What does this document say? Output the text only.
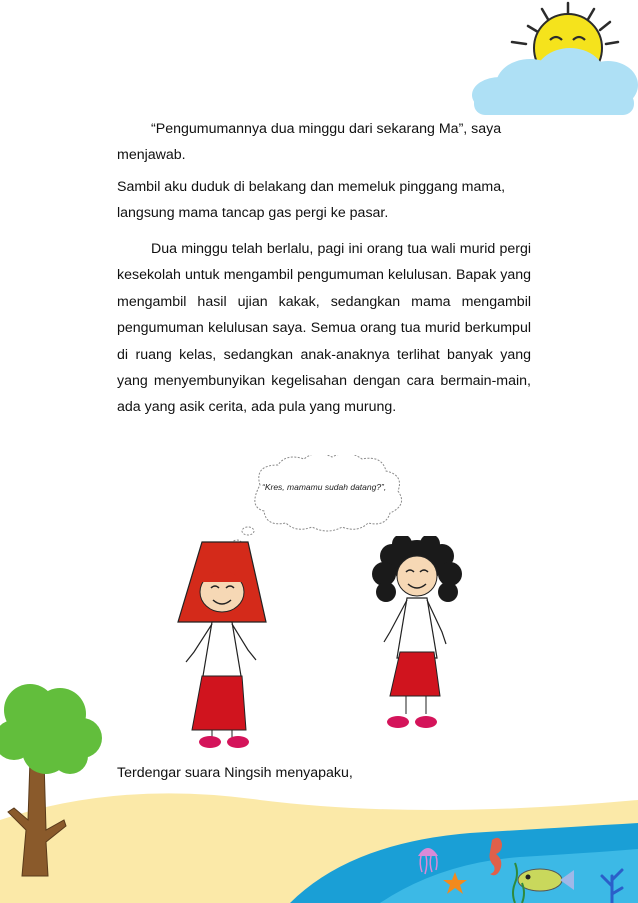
“Pengumumannya dua minggu dari sekarang Ma”, saya menjawab.

Sambil aku duduk di belakang dan memeluk pinggang mama, langsung mama tancap gas pergi ke pasar.

Dua minggu telah berlalu, pagi ini orang tua wali murid pergi kesekolah untuk mengambil pengumuman kelulusan. Bapak yang mengambil hasil ujian kakak, sedangkan mama mengambil pengumuman kelulusan saya. Semua orang tua murid berkumpul di ruang kelas, sedangkan anak-anaknya terlihat banyak yang yang menyembunyikan kegelisahan dengan cara bermain-main, ada yang asik cerita, ada pula yang murung.

“Kres, mamamu sudah datang?”,

Terdengar suara Ningsih menyapaku,
